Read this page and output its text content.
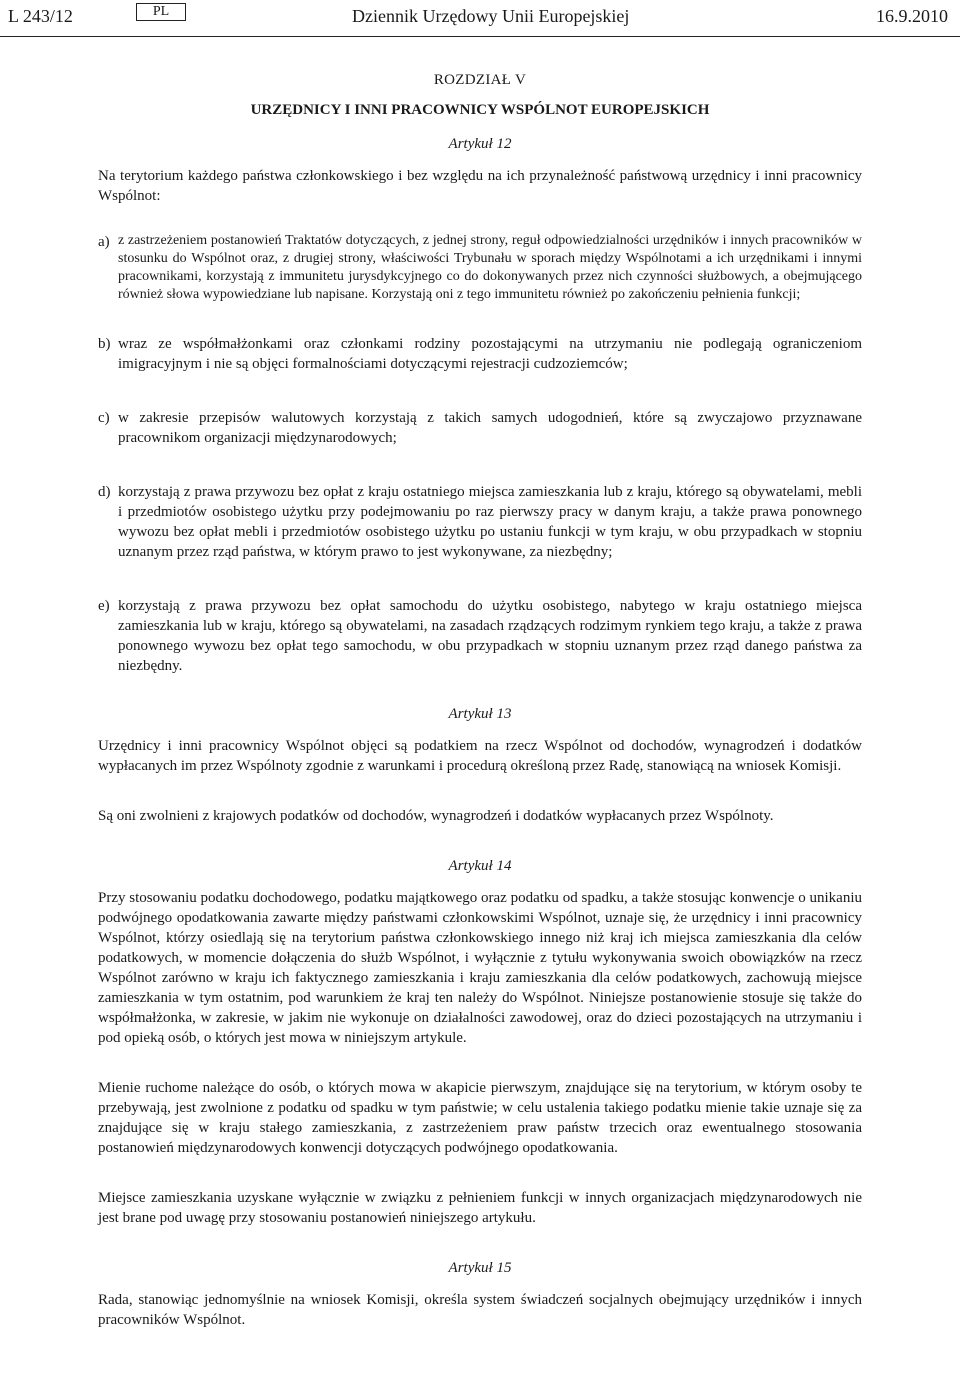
L 243/12	PL	Dziennik Urzędowy Unii Europejskiej	16.9.2010
ROZDZIAŁ V
URZĘDNICY I INNI PRACOWNICY WSPÓLNOT EUROPEJSKICH
Artykuł 12

Na terytorium każdego państwa członkowskiego i bez względu na ich przynależność państwową urzędnicy i inni pracownicy Wspólnot:

a) z zastrzeżeniem postanowień Traktatów dotyczących, z jednej strony, reguł odpowiedzialności urzędników i innych pracowników w stosunku do Wspólnot oraz, z drugiej strony, właściwości Trybunału w sporach między Wspólnotami a ich urzędnikami i innymi pracownikami, korzystają z immunitetu jurysdykcyjnego co do dokonywanych przez nich czynności służbowych, a obejmującego również słowa wypowiedziane lub napisane. Korzystają oni z tego immunitetu również po zakończeniu pełnienia funkcji;
b) wraz ze współmałżonkami oraz członkami rodziny pozostającymi na utrzymaniu nie podlegają ograniczeniom imigracyjnym i nie są objęci formalnościami dotyczącymi rejestracji cudzoziemców;
c) w zakresie przepisów walutowych korzystają z takich samych udogodnień, które są zwyczajowo przyznawane pracownikom organizacji międzynarodowych;
d) korzystają z prawa przywozu bez opłat z kraju ostatniego miejsca zamieszkania lub z kraju, którego są obywatelami, mebli i przedmiotów osobistego użytku przy podejmowaniu po raz pierwszy pracy w danym kraju, a także prawa ponownego wywozu bez opłat mebli i przedmiotów osobistego użytku po ustaniu funkcji w tym kraju, w obu przypadkach w stopniu uznanym przez rząd państwa, w którym prawo to jest wykonywane, za niezbędny;
e) korzystają z prawa przywozu bez opłat samochodu do użytku osobistego, nabytego w kraju ostatniego miejsca zamieszkania lub w kraju, którego są obywatelami, na zasadach rządzących rodzimym rynkiem tego kraju, a także z prawa ponownego wywozu bez opłat tego samochodu, w obu przypadkach w stopniu uznanym przez rząd danego państwa za niezbędny.
Artykuł 13

Urzędnicy i inni pracownicy Wspólnot objęci są podatkiem na rzecz Wspólnot od dochodów, wynagrodzeń i dodatków wypłacanych im przez Wspólnoty zgodnie z warunkami i procedurą określoną przez Radę, stanowiącą na wniosek Komisji.

Są oni zwolnieni z krajowych podatków od dochodów, wynagrodzeń i dodatków wypłacanych przez Wspólnoty.

Artykuł 14

Przy stosowaniu podatku dochodowego, podatku majątkowego oraz podatku od spadku, a także stosując konwencje o unikaniu podwójnego opodatkowania zawarte między państwami członkowskimi Wspólnot, uznaje się, że urzędnicy i inni pracownicy Wspólnot, którzy osiedlają się na terytorium państwa członkowskiego innego niż kraj ich miejsca zamieszkania dla celów podatkowych, w momencie dołączenia do służb Wspólnot, i wyłącznie z tytułu wykonywania swoich obowiązków na rzecz Wspólnot zarówno w kraju ich faktycznego zamieszkania i kraju zamieszkania dla celów podatkowych, zachowują miejsce zamieszkania w tym ostatnim, pod warunkiem że kraj ten należy do Wspólnot. Niniejsze postanowienie stosuje się także do współmałżonka, w zakresie, w jakim nie wykonuje on działalności zawodowej, oraz do dzieci pozostających na utrzymaniu i pod opieką osób, o których jest mowa w niniejszym artykule.

Mienie ruchome należące do osób, o których mowa w akapicie pierwszym, znajdujące się na terytorium, w którym osoby te przebywają, jest zwolnione z podatku od spadku w tym państwie; w celu ustalenia takiego podatku mienie takie uznaje się za znajdujące się w kraju stałego zamieszkania, z zastrzeżeniem praw państw trzecich oraz ewentualnego stosowania postanowień międzynarodowych konwencji dotyczących podwójnego opodatkowania.

Miejsce zamieszkania uzyskane wyłącznie w związku z pełnieniem funkcji w innych organizacjach międzynarodowych nie jest brane pod uwagę przy stosowaniu postanowień niniejszego artykułu.

Artykuł 15

Rada, stanowiąc jednomyślnie na wniosek Komisji, określa system świadczeń socjalnych obejmujący urzędników i innych pracowników Wspólnot.
